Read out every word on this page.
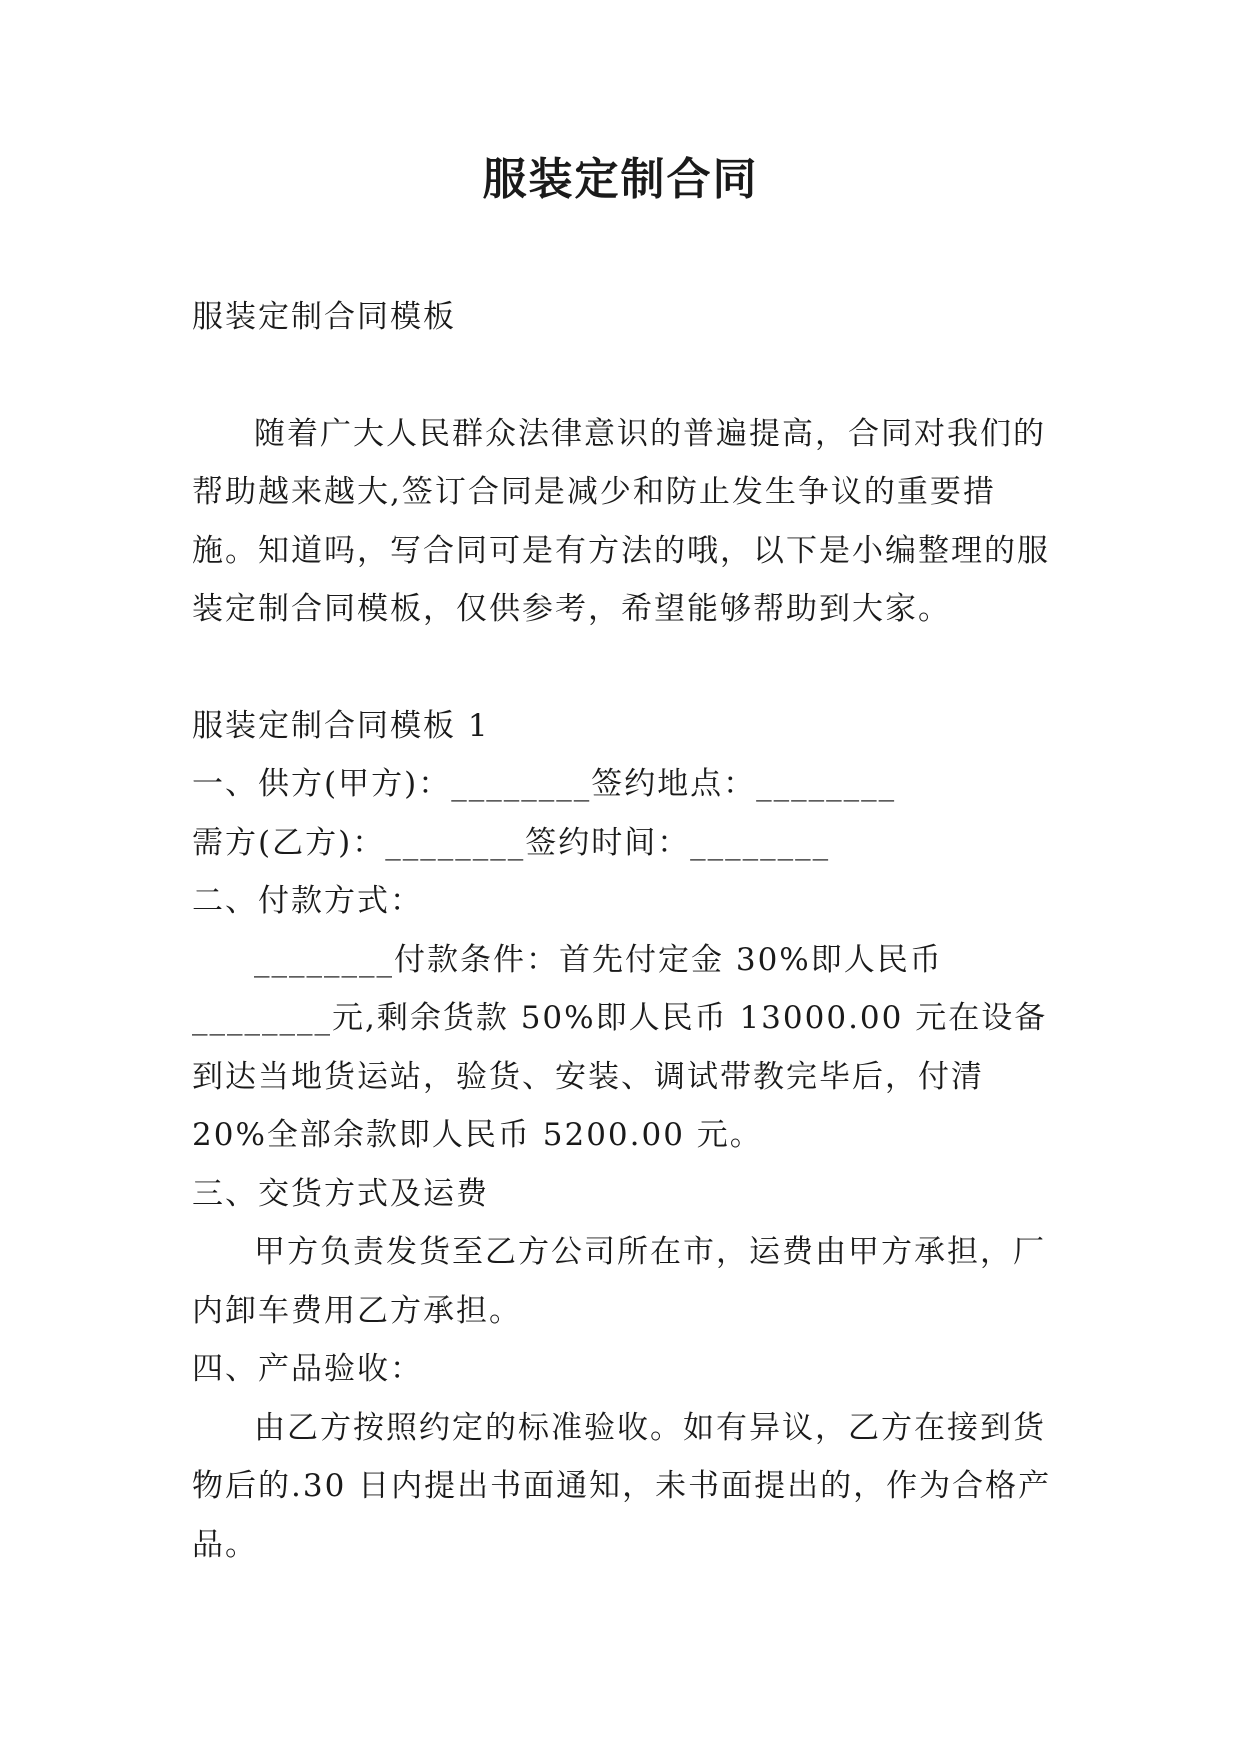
服装定制合同

服装定制合同模板

随着广大人民群众法律意识的普遍提高，合同对我们的帮助越来越大,签订合同是减少和防止发生争议的重要措施。知道吗，写合同可是有方法的哦，以下是小编整理的服装定制合同模板，仅供参考，希望能够帮助到大家。

服装定制合同模板 1

一、供方(甲方)：________签约地点：________

需方(乙方)：________签约时间：________

二、付款方式：

________付款条件：首先付定金 30%即人民币________元,剩余货款 50%即人民币 13000.00 元在设备到达当地货运站，验货、安装、调试带教完毕后，付清 20%全部余款即人民币 5200.00 元。

三、交货方式及运费

甲方负责发货至乙方公司所在市，运费由甲方承担，厂内卸车费用乙方承担。

四、产品验收：

由乙方按照约定的标准验收。如有异议，乙方在接到货物后的.30 日内提出书面通知，未书面提出的，作为合格产品。
